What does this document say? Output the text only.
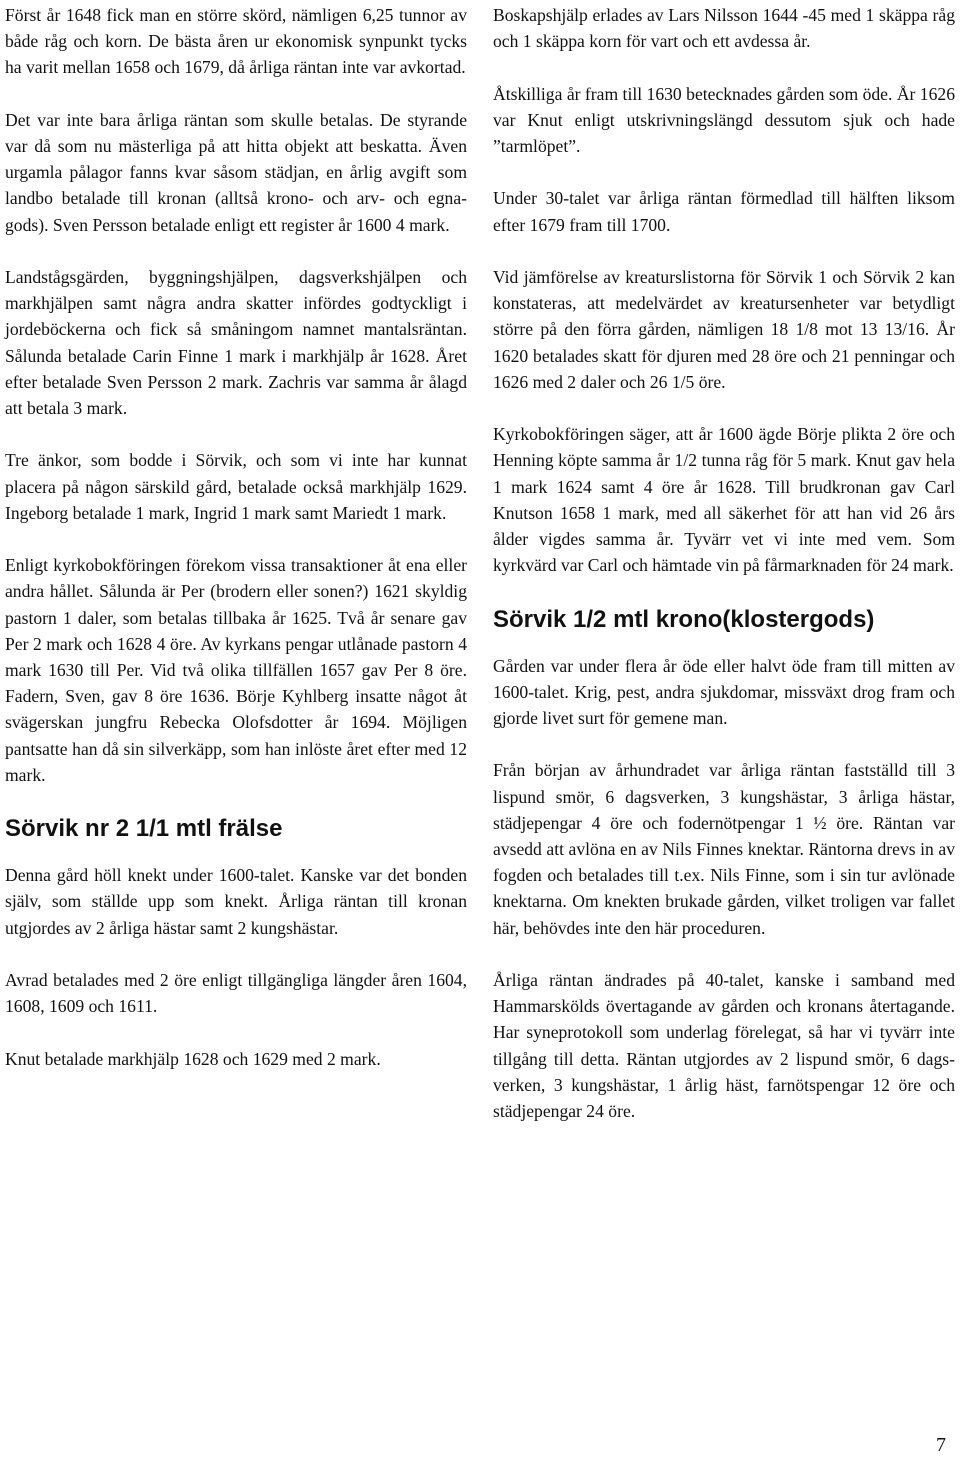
Först år 1648 fick man en större skörd, nämligen 6,25 tunnor av både råg och korn. De bästa åren ur ekonomisk synpunkt tycks ha varit mellan 1658 och 1679, då årliga räntan inte var avkortad.

Det var inte bara årliga räntan som skulle betalas. De styrande var då som nu mästerliga på att hitta objekt att beskatta. Även urgamla pålagor fanns kvar såsom städjan, en årlig avgift som landbo betalade till kronan (alltså krono- och arv- och egna-gods). Sven Persson betalade enligt ett register år 1600 4 mark.

Landstågsgärden, byggningshjälpen, dagsverkshjälpen och markhjälpen samt några andra skatter infördes godtyckligt i jordeböckerna och fick så småningom namnet mantalsräntan. Sålunda betalade Carin Finne 1 mark i markhjälp år 1628. Året efter betalade Sven Persson 2 mark. Zachris var samma år ålagd att betala 3 mark.

Tre änkor, som bodde i Sörvik, och som vi inte har kunnat placera på någon särskild gård, betalade också markhjälp 1629. Ingeborg betalade 1 mark, Ingrid 1 mark samt Mariedt 1 mark.

Enligt kyrkobokföringen förekom vissa transaktioner åt ena eller andra hållet. Sålunda är Per (brodern eller sonen?) 1621 skyldig pastorn 1 daler, som betalas tillbaka år 1625. Två år senare gav Per 2 mark och 1628 4 öre. Av kyrkans pengar utlånade pastorn 4 mark 1630 till Per. Vid två olika tillfällen 1657 gav Per 8 öre. Fadern, Sven, gav 8 öre 1636. Börje Kyhlberg insatte något åt svägerskan jungfru Rebecka Olofsdotter år 1694. Möjligen pantsatte han då sin silverkäpp, som han inlöste året efter med 12 mark.

Sörvik nr 2 1/1 mtl frälse

Denna gård höll knekt under 1600-talet. Kanske var det bonden själv, som ställde upp som knekt. Årliga räntan till kronan utgjordes av 2 årliga hästar samt 2 kungshästar.

Avrad betalades med 2 öre enligt tillgängliga längder åren 1604, 1608, 1609 och 1611.

Knut betalade markhjälp 1628 och 1629 med 2 mark.

Boskapshjälp erlades av Lars Nilsson 1644 -45 med 1 skäppa råg och 1 skäppa korn för vart och ett avdessa år.

Åtskilliga år fram till 1630 betecknades gården som öde. År 1626 var Knut enligt utskrivningslängd dessutom sjuk och hade ”tarmlöpet”.

Under 30-talet var årliga räntan förmedlad till hälften liksom efter 1679 fram till 1700.

Vid jämförelse av kreaturslistorna för Sörvik 1 och Sörvik 2 kan konstateras, att medelvärdet av kreatursenheter var betydligt större på den förra gården, nämligen 18 1/8 mot 13 13/16. År 1620 betalades skatt för djuren med 28 öre och 21 penningar och 1626 med 2 daler och 26 1/5 öre.

Kyrkobokföringen säger, att år 1600 ägde Börje plikta 2 öre och Henning köpte samma år 1/2 tunna råg för 5 mark. Knut gav hela 1 mark 1624 samt 4 öre år 1628. Till brudkronan gav Carl Knutson 1658 1 mark, med all säkerhet för att han vid 26 års ålder vigdes samma år. Tyvärr vet vi inte med vem. Som kyrkvärd var Carl och hämtade vin på fårmarknaden för 24 mark.

Sörvik 1/2 mtl krono(klostergods)

Gården var under flera år öde eller halvt öde fram till mitten av 1600-talet. Krig, pest, andra sjukdomar, missväxt drog fram och gjorde livet surt för gemene man.

Från början av århundradet var årliga räntan fastställd till 3 lispund smör, 6 dagsverken, 3 kungshästar, 3 årliga hästar, städjepengar 4 öre och fodernötpengar 1 ½ öre. Räntan var avsedd att avlöna en av Nils Finnes knektar. Räntorna drevs in av fogden och betalades till t.ex. Nils Finne, som i sin tur avlönade knektarna. Om knekten brukade gården, vilket troligen var fallet här, behövdes inte den här proceduren.

Årliga räntan ändrades på 40-talet, kanske i samband med Hammarskölds övertagande av gården och kronans återtagande. Har syneprotokoll som underlag förelegat, så har vi tyvärr inte tillgång till detta. Räntan utgjordes av 2 lispund smör, 6 dagsverken, 3 kungshästar, 1 årlig häst, farnötspengar 12 öre och städjepengar 24 öre.

7
